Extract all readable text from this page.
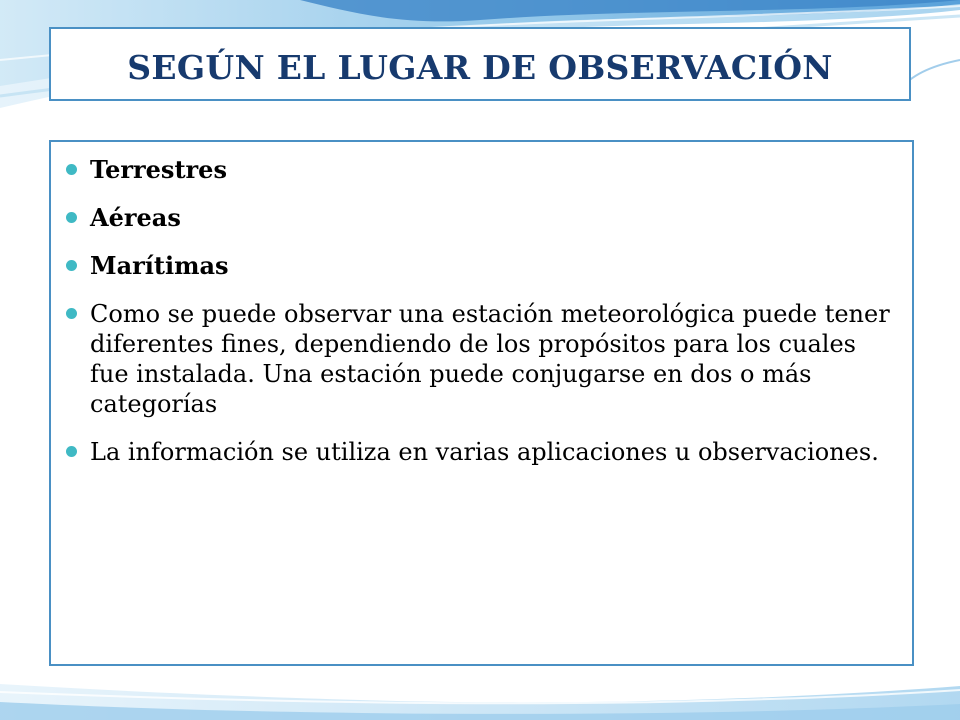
SEGÚN EL LUGAR DE OBSERVACIÓN
Terrestres
Aéreas
Marítimas
Como se puede observar una estación meteorológica puede tener diferentes fines, dependiendo de los propósitos para los cuales fue instalada. Una estación puede conjugarse en dos o más categorías
La información se utiliza en varias aplicaciones u observaciones.
